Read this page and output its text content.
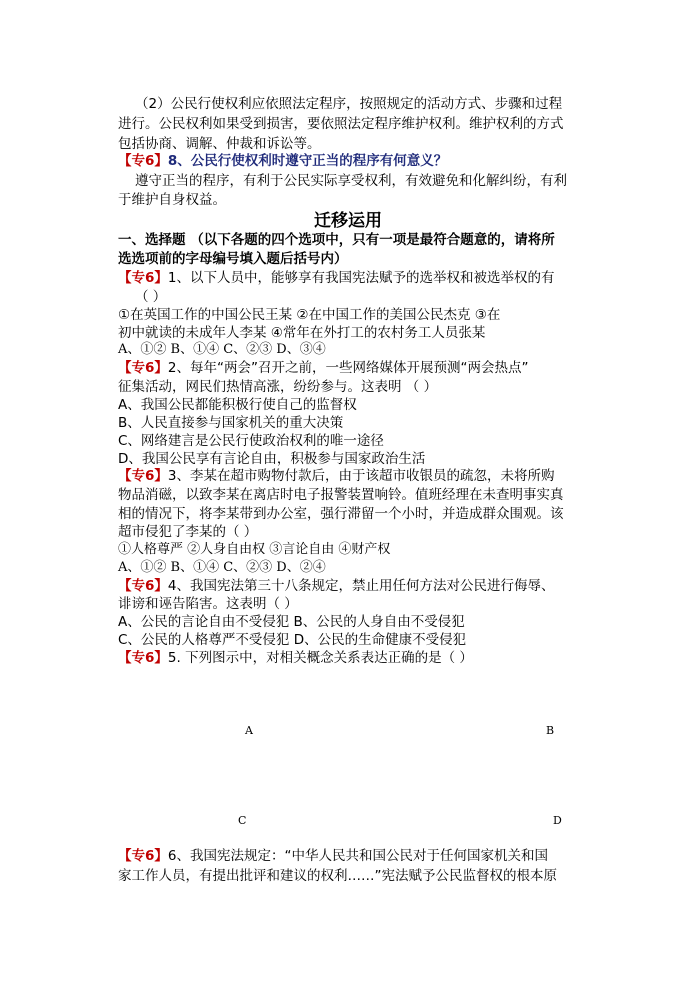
（2）公民行使权利应依照法定程序，按照规定的活动方式、步骤和过程
进行。公民权利如果受到损害，要依照法定程序维护权利。维护权利的方式
包括协商、调解、仲裁和诉讼等。
【专6】8、公民行使权利时遵守正当的程序有何意义？
遵守正当的程序，有利于公民实际享受权利，有效避免和化解纠纷，有利
于维护自身权益。
迁移运用
一、选择题 （以下各题的四个选项中，只有一项是最符合题意的，请将所
选选项前的字母编号填入题后括号内）
【专6】1、以下人员中，能够享有我国宪法赋予的选举权和被选举权的有
（ ）
①在英国工作的中国公民王某 ②在中国工作的美国公民杰克 ③在
初中就读的未成年人李某 ④常年在外打工的农村务工人员张某
A、①② B、①④ C、②③ D、③④
【专6】2、每年“两会”召开之前，一些网络媒体开展预测“两会热点”
征集活动，网民们热情高涨，纷纷参与。这表明 （ ）
A、我国公民都能积极行使自己的监督权
B、人民直接参与国家机关的重大决策
C、网络建言是公民行使政治权利的唯一途径
D、我国公民享有言论自由，积极参与国家政治生活
【专6】3、李某在超市购物付款后，由于该超市收银员的疏忽，未将所购
物品消磁，以致李某在离店时电子报警装置响铃。值班经理在未查明事实真
相的情况下，将李某带到办公室，强行滞留一个小时，并造成群众围观。该
超市侵犯了李某的（ ）
①人格尊严 ②人身自由权 ③言论自由 ④财产权
A、①② B、①④ C、②③ D、②④
【专6】4、我国宪法第三十八条规定，禁止用任何方法对公民进行侮辱、
诽谤和诬告陷害。这表明（ ）
A、公民的言论自由不受侵犯 B、公民的人身自由不受侵犯
C、公民的人格尊严不受侵犯 D、公民的生命健康不受侵犯
【专6】5. 下列图示中，对相关概念关系表达正确的是（ ）
A	B
C	D
【专6】6、我国宪法规定：“中华人民共和国公民对于任何国家机关和国
家工作人员，有提出批评和建议的权利……”宪法赋予公民监督权的根本原
